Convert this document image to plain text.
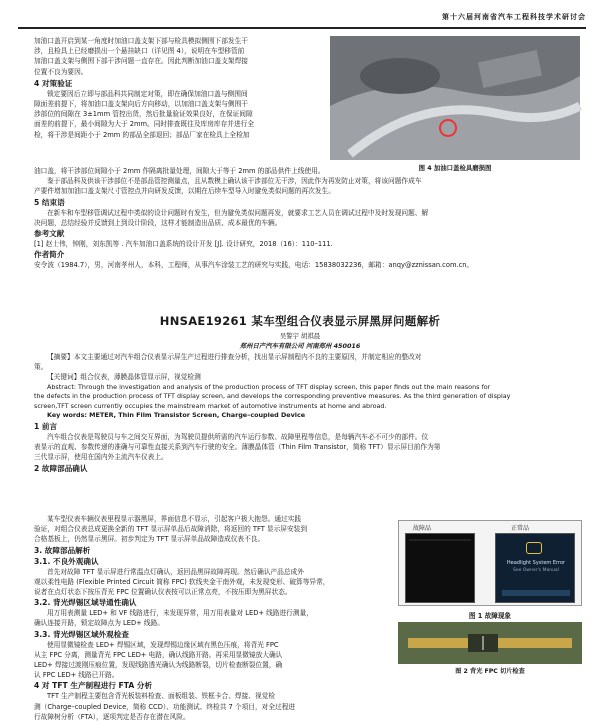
第十六届河南省汽车工程科技学术研讨会
加油口盖开启到某一角度时加油口盖支架下部与检具模拟侧围下部发生干
涉，且检具上已经磨损出一个悬挂缺口（详见图 4），说明在车型移管前
加油口盖支架与侧围下部干涉问题一直存在。因此判断加油口盖支架焊接
位置不良为要因。
4 对策验证
锁定要因后立即与部品科共同制定对策，即在确保加油口盖与侧围间
隙面差前提下，将加油口盖支架向后方向移动，以加油口盖支架与侧围干
涉部位的间隙在 3±1mm 管控出货，然后批量验证效果良好，在保证间隙
面差的前提下，最小间隙为大于 2mm。同时排查既往及库房库存并进行全
检，将干涉是间距小于 2mm 的部品全部退回；部品厂家在检具上全检加
图 4 加油口盖检具磨损图
油口盖，将干涉部位间隙小于 2mm 作隔离批量处理，间隙大于等于 2mm 的部品供件上线使用。
鉴于部品科及供该干涉部位不是部品管控测量点，且从数模上确认该干涉部位无干涉，因此作为再发防止对策，将该问题作成车
产要件增加加油口盖支架尺寸管控点并向研发反馈，以期在后续车型导入时避免类似问题的再次发生。
5 结束语
在新车和车型移管调试过程中类似的设计问题时有发生，但为避免类似问题再发，就要求工艺人员在调试过程中及时发现问题、解
决问题，总结经验并反馈到上到设计阶段，这样才能制造出品质、成本最优的车辆。
参考文献
[1] 赵士伟，钟刚，刘东凯等 . 汽车加油口盖系统的设计开发 [J]. 设计研究，2018（16）：110–111.
作者简介
安令波（1984.7），男，河南孝州人，本科，工程师，从事汽车涂装工艺的研究与实践，电话：15838032236，邮箱：anqy@zznissan.com.cn。
HNSAE19261 某车型组合仪表显示屏黑屏问题解析
吴警宇 胡祺晨
郑州日产汽车有限公司 河南郑州 450016
【摘要】本文主要通过对汽车组合仪表显示屏生产过程进行排查分析，找出显示屏制程内不良的主要原因，并制定相应的整改对
策。
【关键词】组合仪表，薄膜晶体管显示屏，视觉检测
Abstract: Through the investigation and analysis of the production process of TFT display screen, this paper finds out the main reasons for
the defects in the production process of TFT display screen, and develops the corresponding preventive measures. As the third generation of display
screen,TFT screen currently occupies the mainstream market of automotive instruments at home and abroad.
Key words: METER, Thin Film Transistor Screen, Charge–coupled Device
1 前言
汽车组合仪表是驾驶员与车之间交互界面，为驾驶员提供所需的汽车运行参数、故障里程等信息，是每辆汽车必不可少的部件。仪
表显示的直观、参数传递的准确与可靠性直接关系到汽车行驶的安全。薄膜晶体管（Thin Film Transistor，简称 TFT）显示屏目前作为第
三代显示屏，使用在国内外主流汽车仪表上。
2 故障部品确认
某车型仪表车辆仪表里程显示器黑屏，界面信息不显示，引起客户极大抱怨。通过实践
验证，对组合仪表总成更换全新的 TFT 显示屏单品后故障消除，将返回的 TFT 显示屏安装到
合格基板上，仍然显示黑屏。初步判定为 TFT 显示屏单品故障造成仪表不良。
3. 故障部品解析
3.1. 不良外观确认
首先对故障 TFT 显示屏进行常温点灯确认，返回品黑屏故障再现。然后确认产品总成外
观以柔性电路 (Flexible Printed Circuit 简称 FPC) 软线夹金干南外观，未发现变形、破算等异常，
说者在点灯状态下按压背光 FPC 位置确认仪表按可以正常点亮，不按压即为黑屏状态。
3.2. 背光焊锡区域导通性确认
用万用表测量 LED+ 和 VF 线路进行，未发现异常，用万用表量对 LED+ 线路进行测量，
确认连接开路，锁定故障点为 LED+ 线路。
3.3. 背光焊锡区域外观检查
使用显微镜检查 LED+ 焊锡区域，发现焊锡边缘区域有黑色压痕，将背光 FPC
从主 FPC 分离，测量背光 FPC LED+ 电路，确认线路开路。再采用显微镜放大确认
LED+ 焊接过渡刚压痕位置，发现线路透光确认为线路断裂，切片检查断裂位置，确
认 FPC LED+ 线路已开路。
4 对 TFT 生产制程进行 FTA 分析
TFT 生产制程主要包含背光板装料检查、面板组装、铁框卡合、焊接、视觉检
测（Charge–coupled Device，简称 CCD）、功能测试、终检共 7 个项目，对全过程进
行故障树分析（FTA），逐项判定是否存在潜在风险。
故障品	正常品
Headlight System Error
See Owner's Manual
图 1 故障现象
图 2 背光 FPC 切片检查
